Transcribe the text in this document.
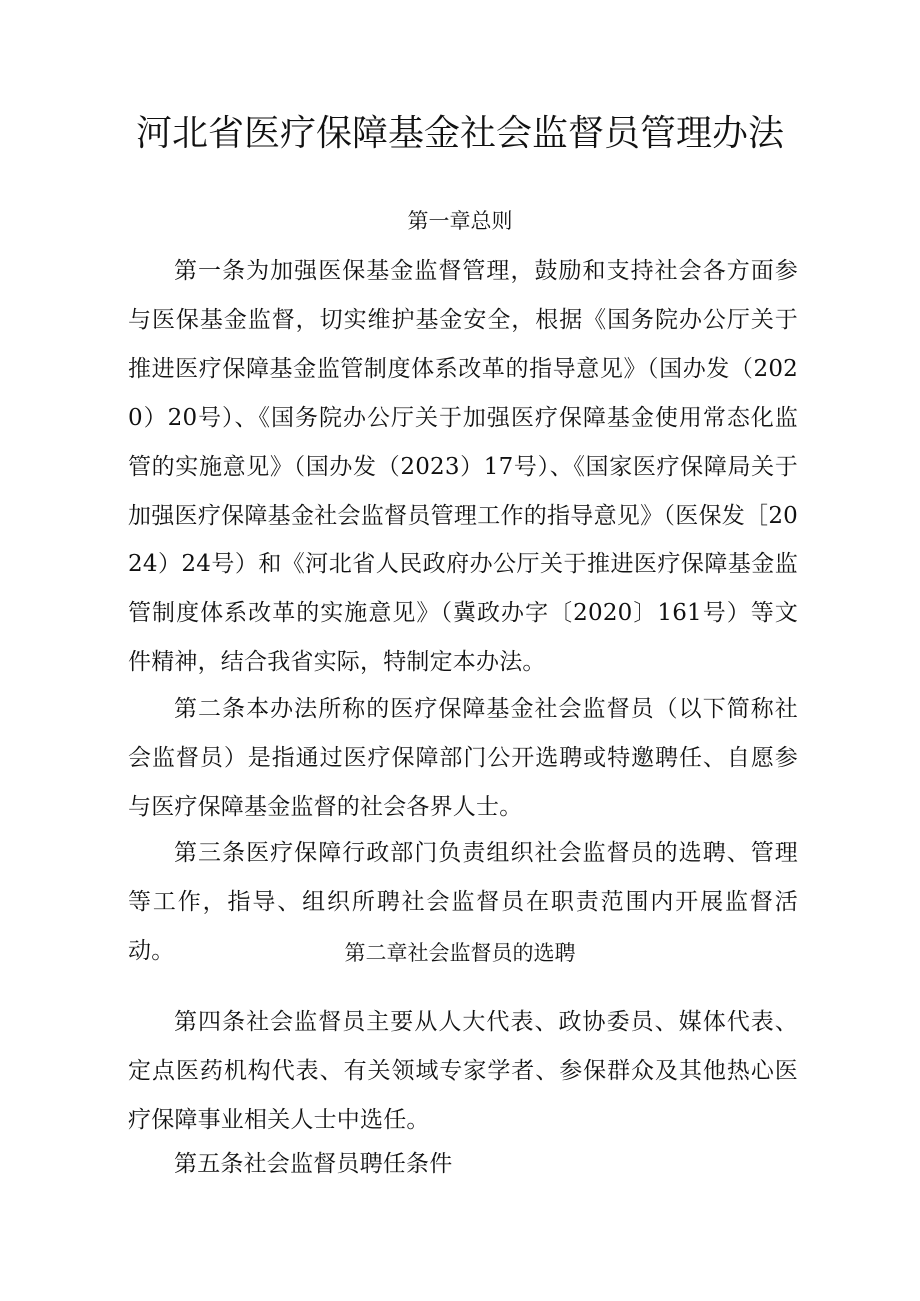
河北省医疗保障基金社会监督员管理办法
第一章总则

第一条为加强医保基金监督管理，鼓励和支持社会各方面参与医保基金监督，切实维护基金安全，根据《国务院办公厅关于推进医疗保障基金监管制度体系改革的指导意见》（国办发（2020）20号）、《国务院办公厅关于加强医疗保障基金使用常态化监管的实施意见》（国办发（2023）17号）、《国家医疗保障局关于加强医疗保障基金社会监督员管理工作的指导意见》（医保发［2024）24号）和《河北省人民政府办公厅关于推进医疗保障基金监管制度体系改革的实施意见》（冀政办字〔2020〕161号）等文件精神，结合我省实际，特制定本办法。

第二条本办法所称的医疗保障基金社会监督员（以下简称社会监督员）是指通过医疗保障部门公开选聘或特邀聘任、自愿参与医疗保障基金监督的社会各界人士。

第三条医疗保障行政部门负责组织社会监督员的选聘、管理等工作，指导、组织所聘社会监督员在职责范围内开展监督活动。	第二章社会监督员的选聘

第四条社会监督员主要从人大代表、政协委员、媒体代表、定点医药机构代表、有关领域专家学者、参保群众及其他热心医疗保障事业相关人士中选任。

第五条社会监督员聘任条件
